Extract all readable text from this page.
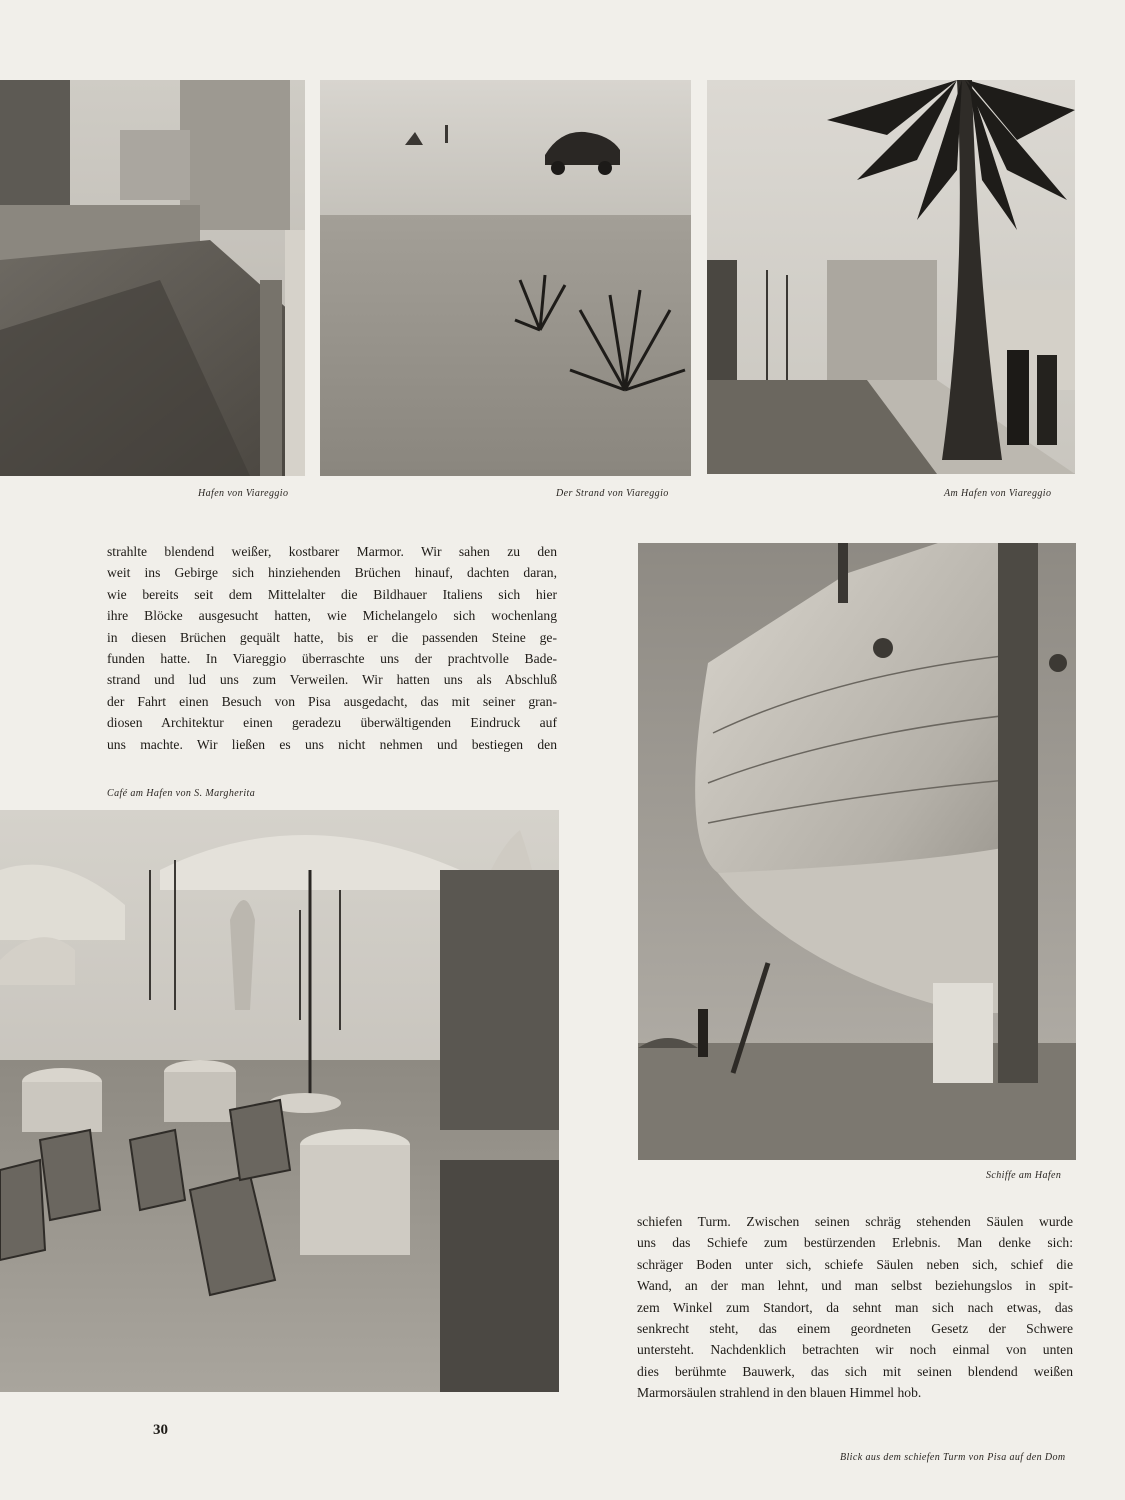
Hafen von Viareggio	Der Strand von Viareggio	Am Hafen von Viareggio
strahlte blendend weißer, kostbarer Marmor. Wir sahen zu den
weit ins Gebirge sich hinziehenden Brüchen hinauf, dachten daran,
wie bereits seit dem Mittelalter die Bildhauer Italiens sich hier
ihre Blöcke ausgesucht hatten, wie Michelangelo sich wochenlang
in diesen Brüchen gequält hatte, bis er die passenden Steine ge-
funden hatte. In Viareggio überraschte uns der prachtvolle Bade-
strand und lud uns zum Verweilen. Wir hatten uns als Abschluß
der Fahrt einen Besuch von Pisa ausgedacht, das mit seiner gran-
diosen Architektur einen geradezu überwältigenden Eindruck auf
uns machte. Wir ließen es uns nicht nehmen und bestiegen den
Schiffe am Hafen
Café am Hafen von S. Margherita
schiefen Turm. Zwischen seinen schräg stehenden Säulen wurde
uns das Schiefe zum bestürzenden Erlebnis. Man denke sich:
schräger Boden unter sich, schiefe Säulen neben sich, schief die
Wand, an der man lehnt, und man selbst beziehungslos in spit-
zem Winkel zum Standort, da sehnt man sich nach etwas, das
senkrecht steht, das einem geordneten Gesetz der Schwere
untersteht. Nachdenklich betrachten wir noch einmal von unten
dies berühmte Bauwerk, das sich mit seinen blendend weißen
Marmorsäulen strahlend in den blauen Himmel hob.
30
Blick aus dem schiefen Turm von Pisa auf den Dom
